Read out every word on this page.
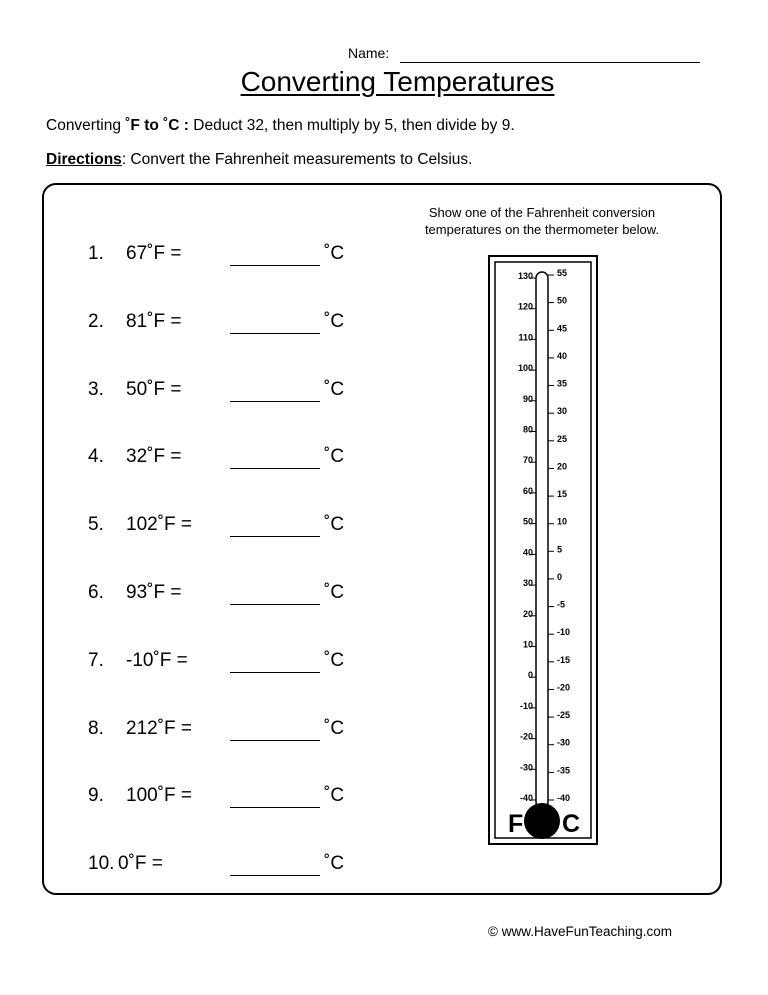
Name:
Converting Temperatures
Converting ˚F to ˚C : Deduct 32, then multiply by 5, then divide by 9.
Directions: Convert the Fahrenheit measurements to Celsius.
1. 67˚F =	˚C
2. 81˚F =	˚C
3. 50˚F =	˚C
4. 32˚F =	˚C
5. 102˚F =	˚C
6. 93˚F =	˚C
7. -10˚F =	˚C
8. 212˚F =	˚C
9. 100˚F =	˚C
10. 0˚F =	˚C
Show one of the Fahrenheit conversion
temperatures on the thermometer below.
130
120
110
100
90
80
70
60
50
40
30
20
10
0
-10
-20
-30
-40
55
50
45
40
35
30
25
20
15
10
5
0
-5
-10
-15
-20
-25
-30
-35
-40
F C
© www.HaveFunTeaching.com
